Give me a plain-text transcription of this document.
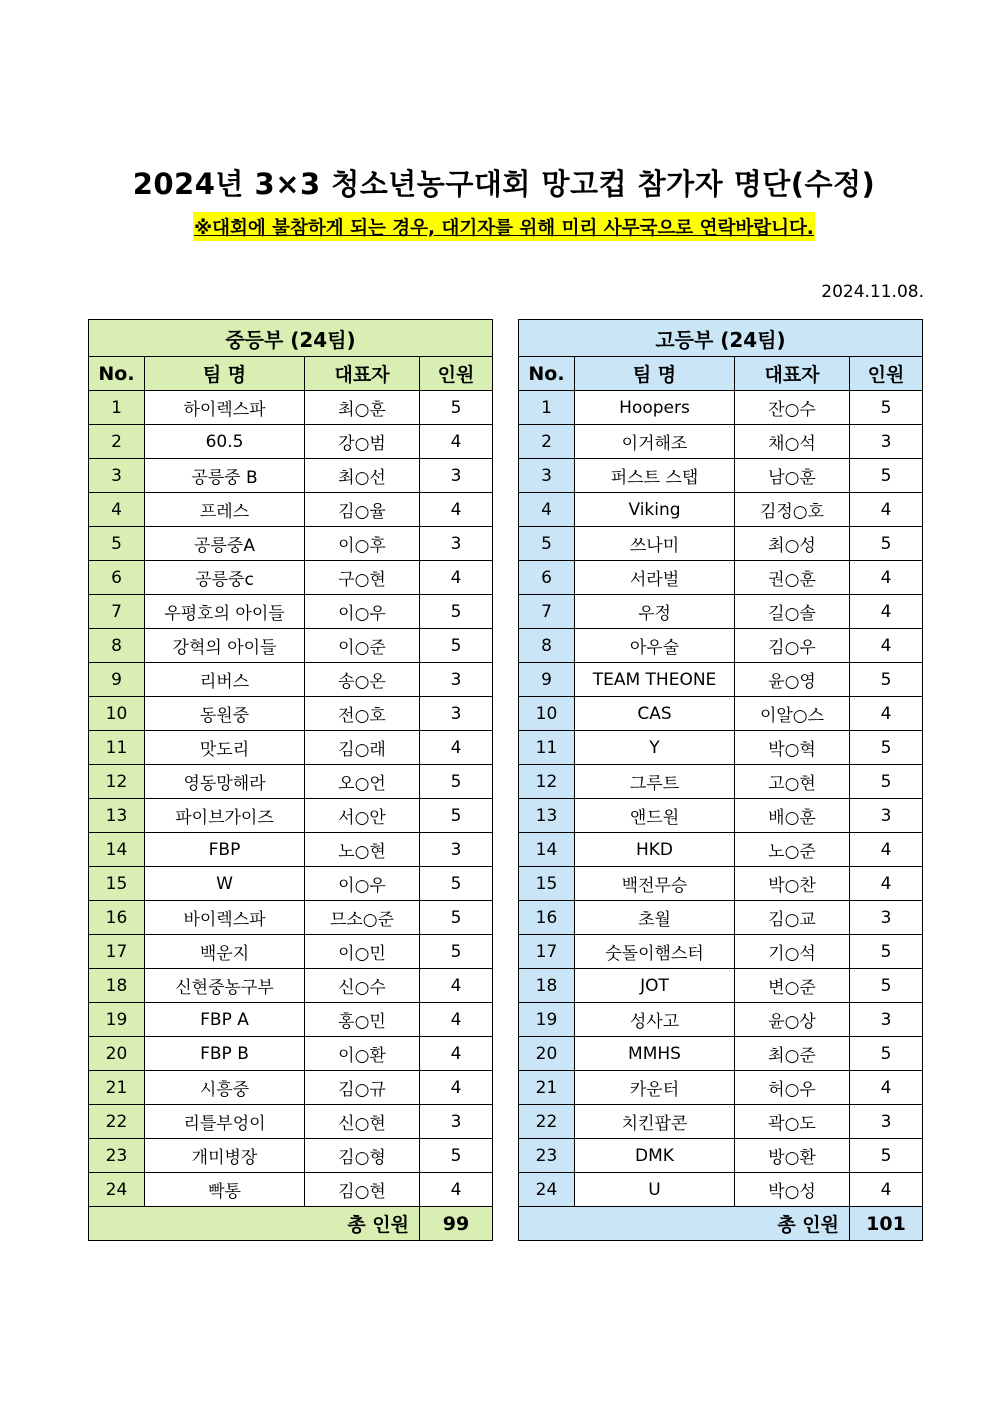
2024년 3×3 청소년농구대회 망고컵 참가자 명단(수정)
※대회에 불참하게 되는 경우, 대기자를 위해 미리 사무국으로 연락바랍니다.
2024.11.08.
중등부 (24팀)			
No.	팀 명	대표자	인원
1	하이렉스파	최○훈	5
2	60.5	강○범	4
3	공릉중 B	최○선	3
4	프레스	김○율	4
5	공릉중A	이○후	3
6	공릉중c	구○현	4
7	우평호의 아이들	이○우	5
8	강혁의 아이들	이○준	5
9	리버스	송○온	3
10	동원중	전○호	3
11	맛도리	김○래	4
12	영동망해라	오○언	5
13	파이브가이즈	서○안	5
14	FBP	노○현	3
15	W	이○우	5
16	바이렉스파	므소○준	5
17	백운지	이○민	5
18	신현중농구부	신○수	4
19	FBP A	홍○민	4
20	FBP B	이○환	4
21	시흥중	김○규	4
22	리틀부엉이	신○현	3
23	개미병장	김○형	5
24	빡통	김○현	4
총 인원			99
고등부 (24팀)			
No.	팀 명	대표자	인원
1	Hoopers	잔○수	5
2	이거해조	채○석	3
3	퍼스트 스탭	남○훈	5
4	Viking	김정○호	4
5	쓰나미	최○성	5
6	서라벌	권○훈	4
7	우정	길○솔	4
8	아우술	김○우	4
9	TEAM THEONE	윤○영	5
10	CAS	이알○스	4
11	Y	박○혁	5
12	그루트	고○현	5
13	앤드원	배○훈	3
14	HKD	노○준	4
15	백전무승	박○찬	4
16	초월	김○교	3
17	숫돌이햄스터	기○석	5
18	JOT	변○준	5
19	성사고	윤○상	3
20	MMHS	최○준	5
21	카운터	허○우	4
22	치킨팝콘	곽○도	3
23	DMK	방○환	5
24	U	박○성	4
총 인원			101
